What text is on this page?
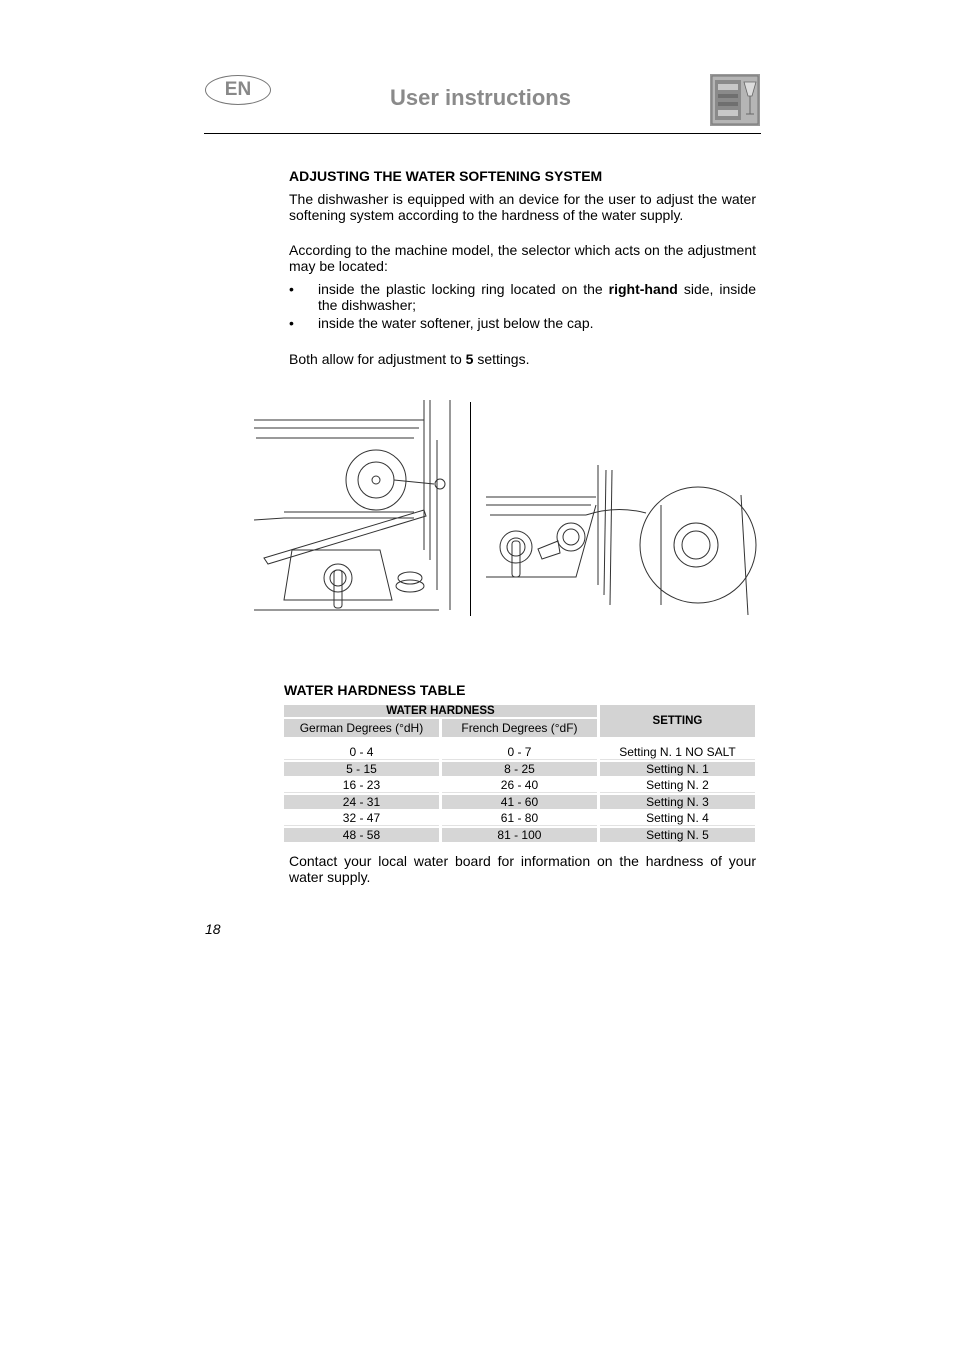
EN	User instructions
ADJUSTING THE WATER SOFTENING SYSTEM
The dishwasher is equipped with an device for the user to adjust the water softening system according to the hardness of the water supply.
According to the machine model, the selector which acts on the adjustment may be located:
• inside the plastic locking ring located on the right-hand side, inside the dishwasher;
• inside the water softener, just below the cap.
Both allow for adjustment to 5 settings.
WATER HARDNESS TABLE
WATER HARDNESS		SETTING
German Degrees (°dH)	French Degrees (°dF)	

0 - 4	0 - 7	Setting N. 1 NO SALT
5 - 15	8 - 25	Setting N. 1
16 - 23	26 - 40	Setting N. 2
24 - 31	41 - 60	Setting N. 3
32 - 47	61 - 80	Setting N. 4
48 - 58	81 - 100	Setting N. 5
Contact your local water board for information on the hardness of your water supply.
18
